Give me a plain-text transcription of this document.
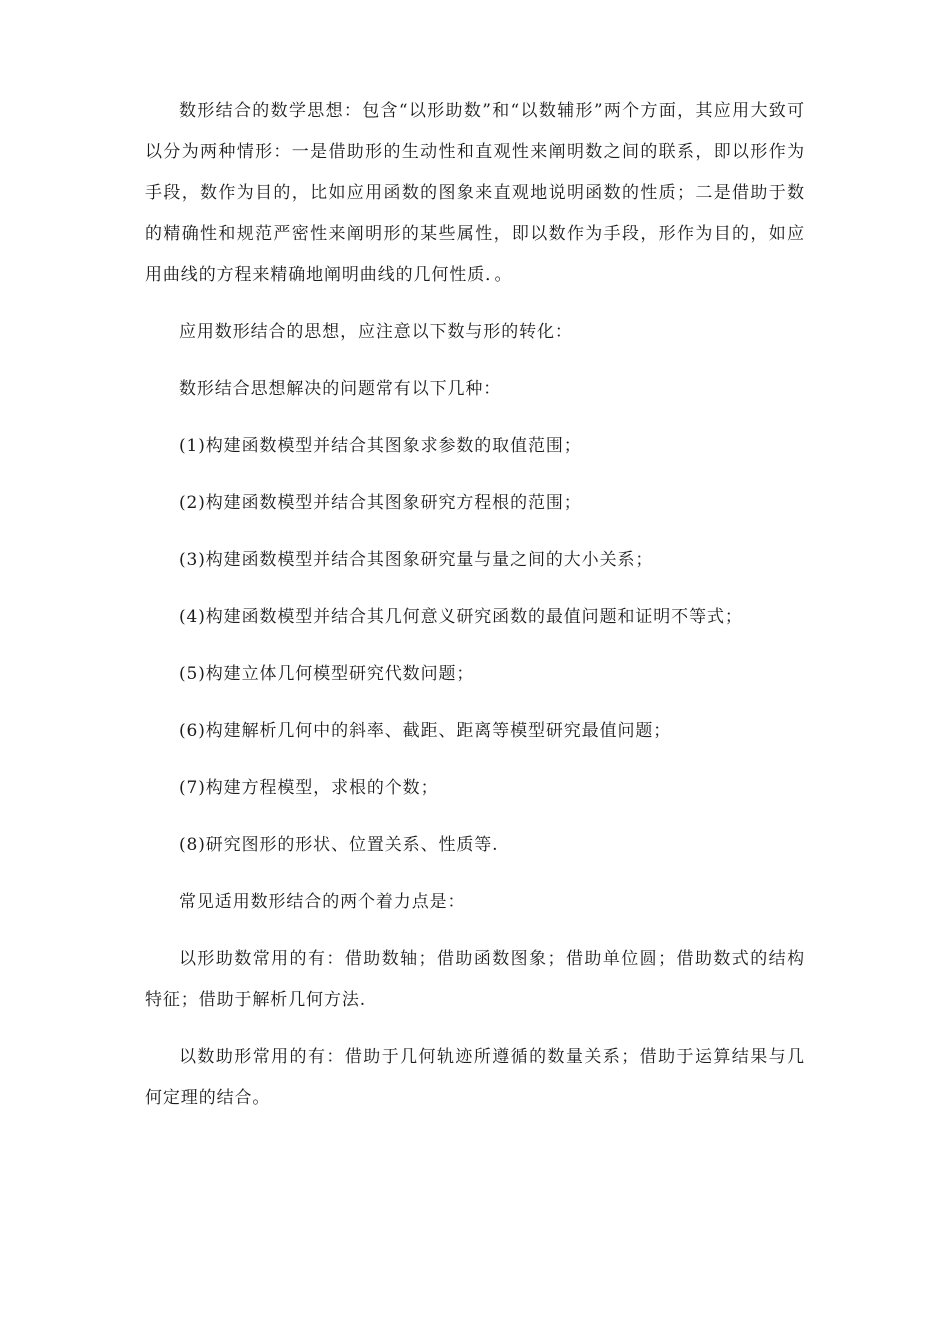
数形结合的数学思想：包含“以形助数”和“以数辅形”两个方面，其应用大致可以分为两种情形：一是借助形的生动性和直观性来阐明数之间的联系，即以形作为手段，数作为目的，比如应用函数的图象来直观地说明函数的性质；二是借助于数的精确性和规范严密性来阐明形的某些属性，即以数作为手段，形作为目的，如应用曲线的方程来精确地阐明曲线的几何性质．。

应用数形结合的思想，应注意以下数与形的转化：

数形结合思想解决的问题常有以下几种：

(1)构建函数模型并结合其图象求参数的取值范围；

(2)构建函数模型并结合其图象研究方程根的范围；

(3)构建函数模型并结合其图象研究量与量之间的大小关系；

(4)构建函数模型并结合其几何意义研究函数的最值问题和证明不等式；

(5)构建立体几何模型研究代数问题；

(6)构建解析几何中的斜率、截距、距离等模型研究最值问题；

(7)构建方程模型，求根的个数；

(8)研究图形的形状、位置关系、性质等.

常见适用数形结合的两个着力点是：

以形助数常用的有：借助数轴；借助函数图象；借助单位圆；借助数式的结构特征；借助于解析几何方法.

以数助形常用的有：借助于几何轨迹所遵循的数量关系；借助于运算结果与几何定理的结合。
